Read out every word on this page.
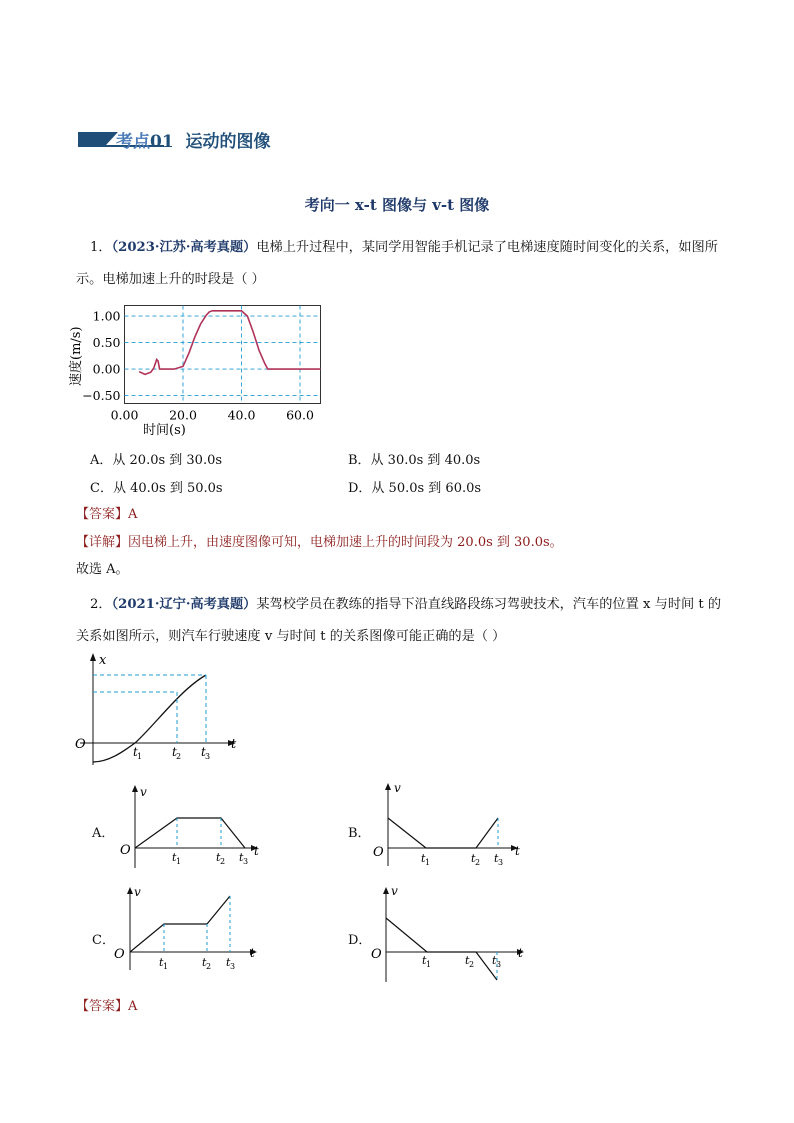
考点01 运动的图像
考向一 x-t 图像与 v-t 图像
1．（2023·江苏·高考真题）电梯上升过程中，某同学用智能手机记录了电梯速度随时间变化的关系，如图所
示。电梯加速上升的时段是（ ）
1.00
0.50
0.00
−0.50
0.00 20.0 40.0 60.0
时间(s)
速度(m/s)
A．从 20.0s 到 30.0s	B．从 30.0s 到 40.0s
C．从 40.0s 到 50.0s	D．从 50.0s 到 60.0s
【答案】A
【详解】因电梯上升，由速度图像可知，电梯加速上升的时间段为 20.0s 到 30.0s。
故选 A。
2．（2021·辽宁·高考真题）某驾校学员在教练的指导下沿直线路段练习驾驶技术，汽车的位置 x 与时间 t 的
关系如图所示，则汽车行驶速度 v 与时间 t 的关系图像可能正确的是（ ）
x
O	t
t 1 t 2 t 3
A．
v
O	t
t 1	t 2 t 3
B．
v
O	t
t 1	t 2 t 3
C．
v
O	t
t 1	t 2 t 3
D．
v
O	t
t 1	t 2 t 3
【答案】A
